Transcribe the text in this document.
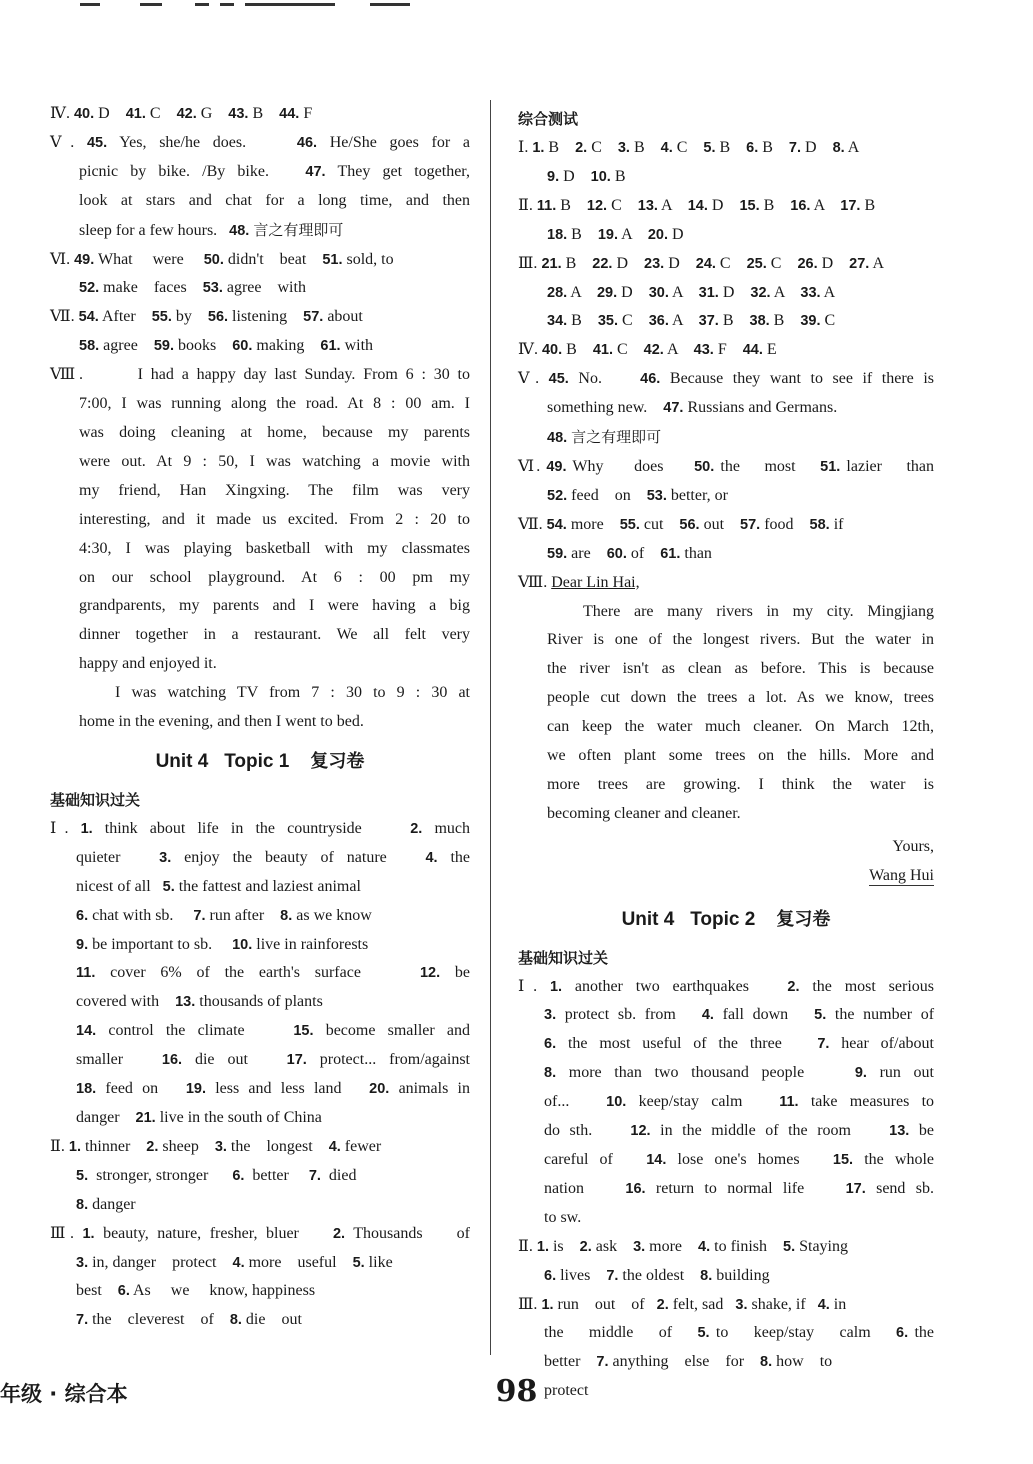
Ⅳ. 40. D    41. C    42. G    43. B    44. F
Ⅴ. 45. Yes, she/he does.    46. He/She goes for a
picnic by bike. /By bike.   47. They get together,
look at stars and chat for a long time, and then
sleep for a few hours.   48. 言之有理即可
Ⅵ. 49. What     were     50. didn't    beat    51. sold, to
52. make    faces    53. agree    with
Ⅶ. 54. After    55. by    56. listening    57. about
58. agree    59. books    60. making    61. with
Ⅷ.       I had a happy day last Sunday. From 6 : 30 to
7:00, I was running along the road. At 8 : 00 am. I
was doing cleaning at home, because my parents
were out. At 9 : 50, I was watching a movie with
my friend, Han Xingxing. The film was very
interesting, and it made us excited. From 2 : 20 to
4:30, I was playing basketball with my classmates
on our school playground. At 6 : 00 pm my
grandparents, my parents and I were having a big
dinner together in a restaurant. We all felt very
happy and enjoyed it.
I was watching TV from 7 : 30 to 9 : 30 at
home in the evening, and then I went to bed.
Unit 4   Topic 1    复习卷
基础知识过关
Ⅰ. 1. think about life in the countryside    2. much
quieter   3. enjoy the beauty of nature   4. the
nicest of all   5. the fattest and laziest animal
6. chat with sb.     7. run after    8. as we know
9. be important to sb.     10. live in rainforests
11. cover 6% of the earth's surface    12. be
covered with    13. thousands of plants
14. control the climate    15. become smaller and
smaller   16. die out   17. protect... from/against
18. feed on   19. less and less land   20. animals in
danger    21. live in the south of China
Ⅱ. 1. thinner    2. sheep    3. the    longest    4. fewer
5.  stronger, stronger      6.  better     7.  died
8. danger
Ⅲ. 1. beauty, nature, fresher, bluer    2. Thousands    of
3. in, danger    protect    4. more    useful    5. like
best    6. As     we     know, happiness
7. the    cleverest    of    8. die    out
综合测试
Ⅰ. 1. B    2. C    3. B    4. C    5. B    6. B    7. D    8. A
9. D    10. B
Ⅱ. 11. B    12. C    13. A    14. D    15. B    16. A    17. B
18. B    19. A    20. D
Ⅲ. 21. B    22. D    23. D    24. C    25. C    26. D    27. A
28. A    29. D    30. A    31. D    32. A    33. A
34. B    35. C    36. A    37. B    38. B    39. C
Ⅳ. 40. B    41. C    42. A    43. F    44. E
Ⅴ. 45. No.    46. Because they want to see if there is
something new.    47. Russians and Germans.
48. 言之有理即可
Ⅵ. 49. Why     does     50. the    most    51. lazier    than
52. feed    on    53. better, or
Ⅶ. 54. more    55. cut    56. out    57. food    58. if
59. are    60. of    61. than
Ⅷ. Dear Lin Hai,
There are many rivers in my city. Mingjiang
River is one of the longest rivers. But the water in
the river isn't as clean as before. This is because
people cut down the trees a lot. As we know, trees
can keep the water much cleaner. On March 12th,
we often plant some trees on the hills. More and
more trees are growing. I think the water is
becoming cleaner and cleaner.
Yours,
Wang Hui
Unit 4   Topic 2    复习卷
基础知识过关
Ⅰ. 1. another two earthquakes   2. the most serious
3. protect sb. from   4. fall down   5. the number of
6. the most useful of the three   7. hear of/about
8. more than two thousand people    9. run out
of...   10. keep/stay calm   11. take measures to
do sth.    12. in the middle of the room    13. be
careful of   14. lose one's homes   15. the whole
nation    16. return to normal life    17. send sb.
to sw.
Ⅱ. 1. is    2. ask    3. more    4. to finish    5. Staying
6. lives    7. the oldest    8. building
Ⅲ. 1. run    out    of   2. felt, sad   3. shake, if   4. in
the    middle    of    5. to    keep/stay    calm    6. the
better    7. anything    else    for    8. how    to
protect
年级 · 综合本	98
